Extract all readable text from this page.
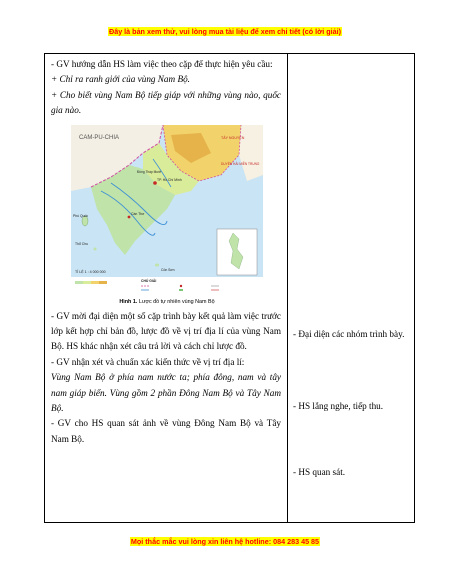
Đây là bản xem thử, vui lòng mua tài liệu để xem chi tiết (có lời giải)

- GV hướng dẫn HS làm việc theo cặp để thực hiện yêu cầu:

+ Chỉ ra ranh giới của vùng Nam Bộ.

+ Cho biết vùng Nam Bộ tiếp giáp với những vùng nào, quốc gia nào.

CAM-PU-CHIA	TÂY NGUYÊN
DUYÊN HẢI MIỀN TRUNG
TP. Hồ Chí Minh
Cần Thơ
Côn Sơn
Phú Quốc
Thổ Chu
Đồng Tháp Mười
TỈ LỆ 1 : 4 000 000
CHÚ GIẢI
Hình 1. Lược đồ tự nhiên vùng Nam Bộ

- GV mời đại diện một số cặp trình bày kết quả làm việc trước lớp kết hợp chỉ bản đồ, lược đồ về vị trí địa lí của vùng Nam Bộ. HS khác nhận xét câu trả lời và cách chỉ lược đồ.

- GV nhận xét và chuẩn xác kiến thức về vị trí địa lí:

Vùng Nam Bộ ở phía nam nước ta; phía đông, nam và tây nam giáp biển. Vùng gồm 2 phần Đông Nam Bộ và Tây Nam Bộ.

- GV cho HS quan sát ảnh về vùng Đông Nam Bộ và Tây Nam Bộ.

- Đại diện các nhóm trình bày.
- HS lắng nghe, tiếp thu.
- HS quan sát.
Mọi thắc mắc vui lòng xin liên hệ hotline: 084 283 45 85
